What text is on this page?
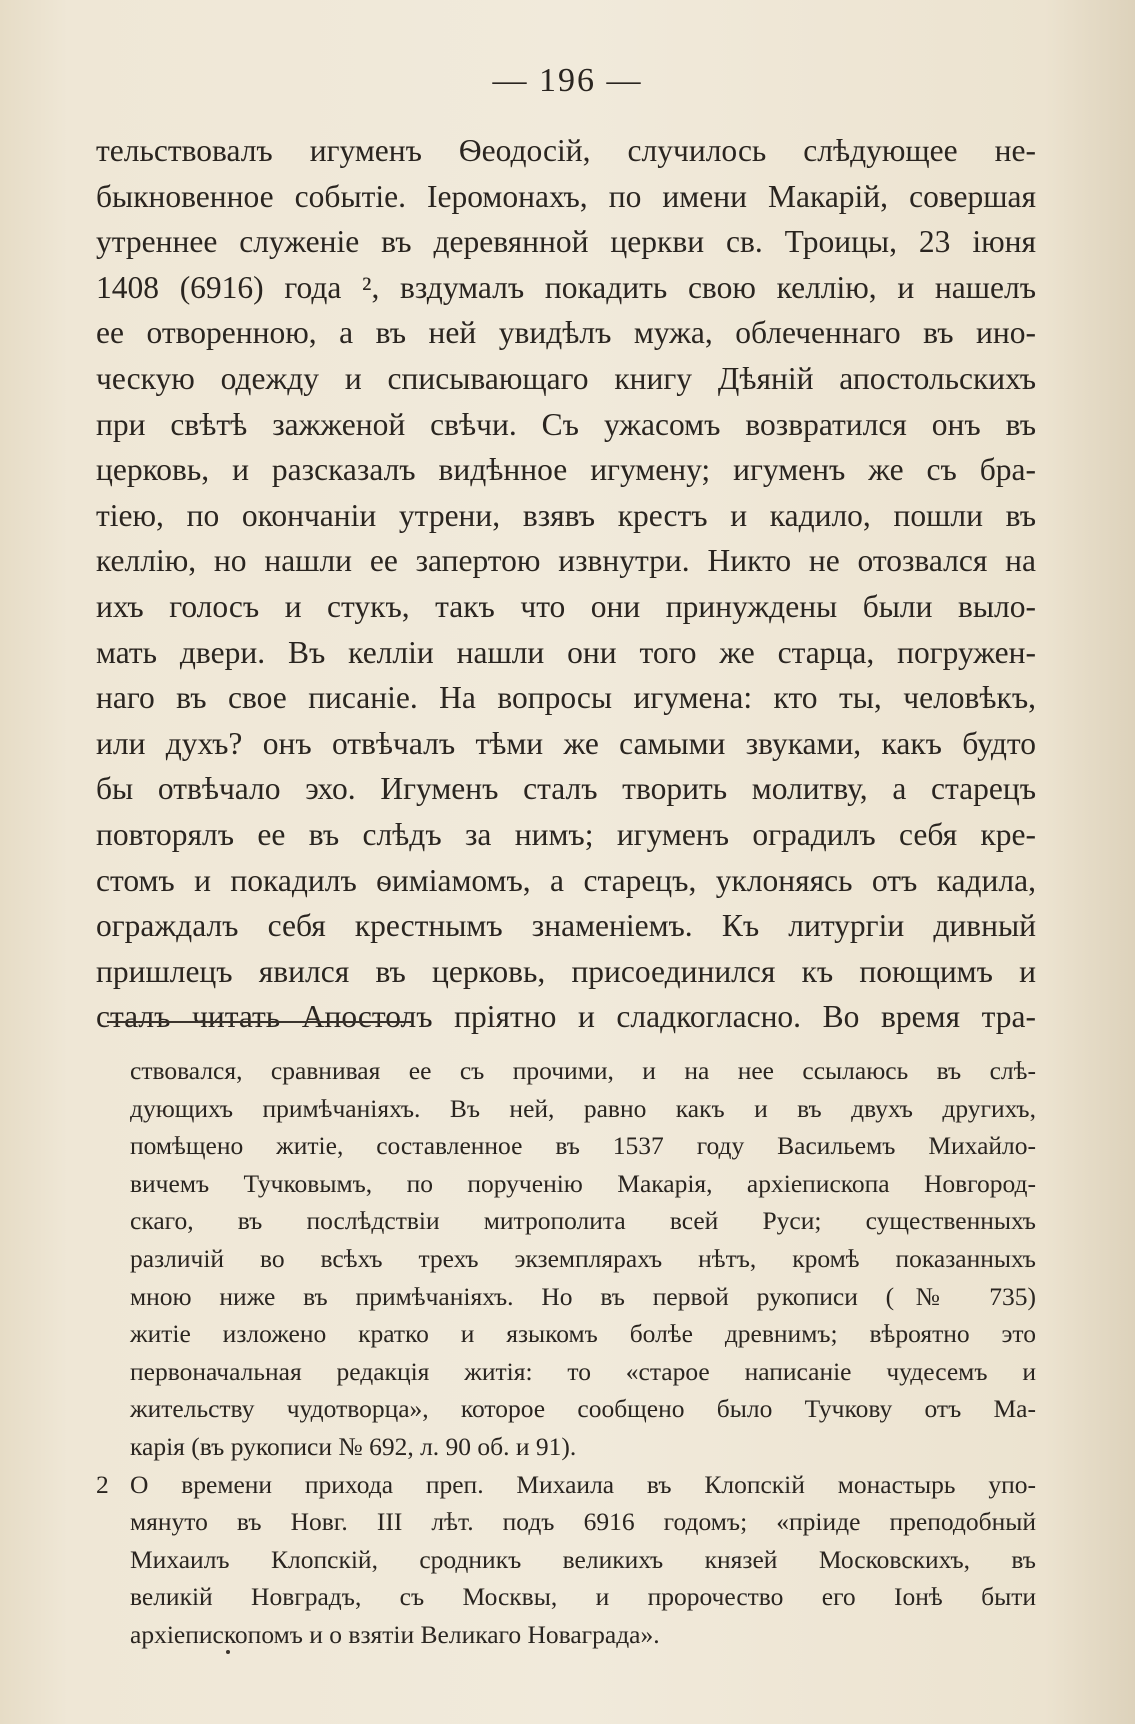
— 196 —
тельствовалъ игуменъ Ѳеодосій, случилось слѣдующее не-
быкновенное событіе. Іеромонахъ, по имени Макарій, совершая
утреннее служеніе въ деревянной церкви св. Троицы, 23 іюня
1408 (6916) года ², вздумалъ покадить свою келлію, и нашелъ
ее отворенною, а въ ней увидѣлъ мужа, облеченнаго въ ино-
ческую одежду и списывающаго книгу Дѣяній апостольскихъ
при свѣтѣ зажженой свѣчи. Съ ужасомъ возвратился онъ въ
церковь, и разсказалъ видѣнное игумену; игуменъ же съ бра-
тіею, по окончаніи утрени, взявъ крестъ и кадило, пошли въ
келлію, но нашли ее запертою извнутри. Никто не отозвался на
ихъ голосъ и стукъ, такъ что они принуждены были выло-
мать двери. Въ келліи нашли они того же старца, погружен-
наго въ свое писаніе. На вопросы игумена: кто ты, человѣкъ,
или духъ? онъ отвѣчалъ тѣми же самыми звуками, какъ будто
бы отвѣчало эхо. Игуменъ сталъ творить молитву, а старецъ
повторялъ ее въ слѣдъ за нимъ; игуменъ оградилъ себя кре-
стомъ и покадилъ ѳиміамомъ, а старецъ, уклоняясь отъ кадила,
ограждалъ себя крестнымъ знаменіемъ. Къ литургіи дивный
пришлецъ явился въ церковь, присоединился къ поющимъ и
сталъ читать Апостолъ пріятно и сладкогласно. Во время тра-
ствовался, сравнивая ее съ прочими, и на нее ссылаюсь въ слѣ-
дующихъ примѣчаніяхъ. Въ ней, равно какъ и въ двухъ другихъ,
помѣщено житіе, составленное въ 1537 году Васильемъ Михайло-
вичемъ Тучковымъ, по порученію Макарія, архіепископа Новгород-
скаго, въ послѣдствіи митрополита всей Руси; существенныхъ
различій во всѣхъ трехъ экземплярахъ нѣтъ, кромѣ показанныхъ
мною ниже въ примѣчаніяхъ. Но въ первой рукописи (№ 735)
житіе изложено кратко и языкомъ болѣе древнимъ; вѣроятно это
первоначальная редакція житія: то «старое написаніе чудесемъ и
жительству чудотворца», которое сообщено было Тучкову отъ Ма-
карія (въ рукописи № 692, л. 90 об. и 91).
2 О времени прихода преп. Михаила въ Клопскій монастырь упо-
мянуто въ Новг. III лѣт. подъ 6916 годомъ; «пріиде преподобный
Михаилъ Клопскій, сродникъ великихъ князей Московскихъ, въ
великій Новградъ, съ Москвы, и пророчество его Іонѣ быти
архіепископомъ и о взятіи Великаго Новаграда».
